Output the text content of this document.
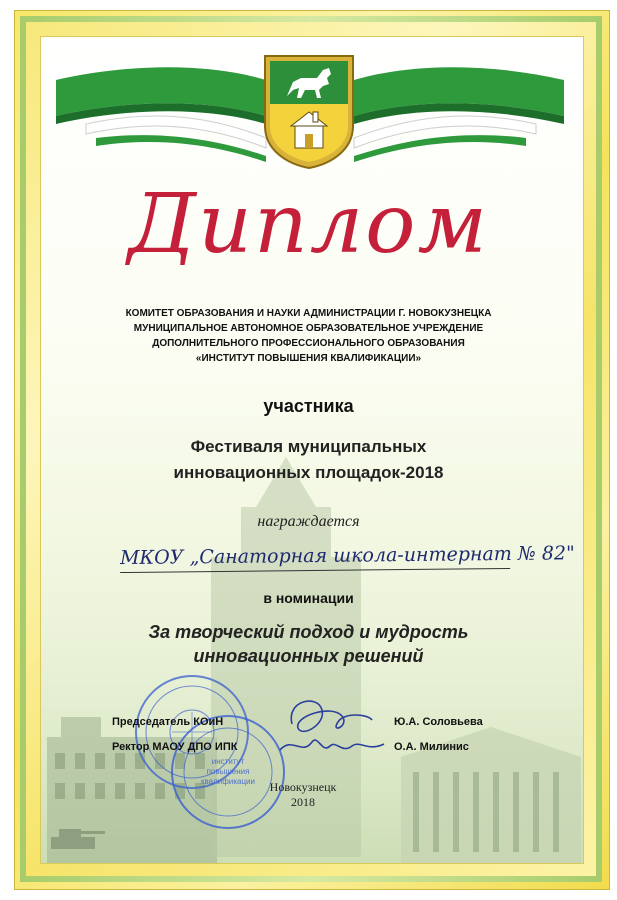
Диплом
КОМИТЕТ ОБРАЗОВАНИЯ И НАУКИ АДМИНИСТРАЦИИ Г. НОВОКУЗНЕЦКА
МУНИЦИПАЛЬНОЕ АВТОНОМНОЕ ОБРАЗОВАТЕЛЬНОЕ УЧРЕЖДЕНИЕ
ДОПОЛНИТЕЛЬНОГО ПРОФЕССИОНАЛЬНОГО ОБРАЗОВАНИЯ
«ИНСТИТУТ ПОВЫШЕНИЯ КВАЛИФИКАЦИИ»
участника
Фестиваля муниципальных
инновационных площадок-2018
награждается
МКОУ „Санаторная школа-интернат № 82"
в номинации
За творческий подход и мудрость
инновационных решений
институт
повышения
квалификации
Председатель КОиН	Ю.А. Соловьева
Ректор МАОУ ДПО ИПК	О.А. Милинис
Новокузнецк
2018
